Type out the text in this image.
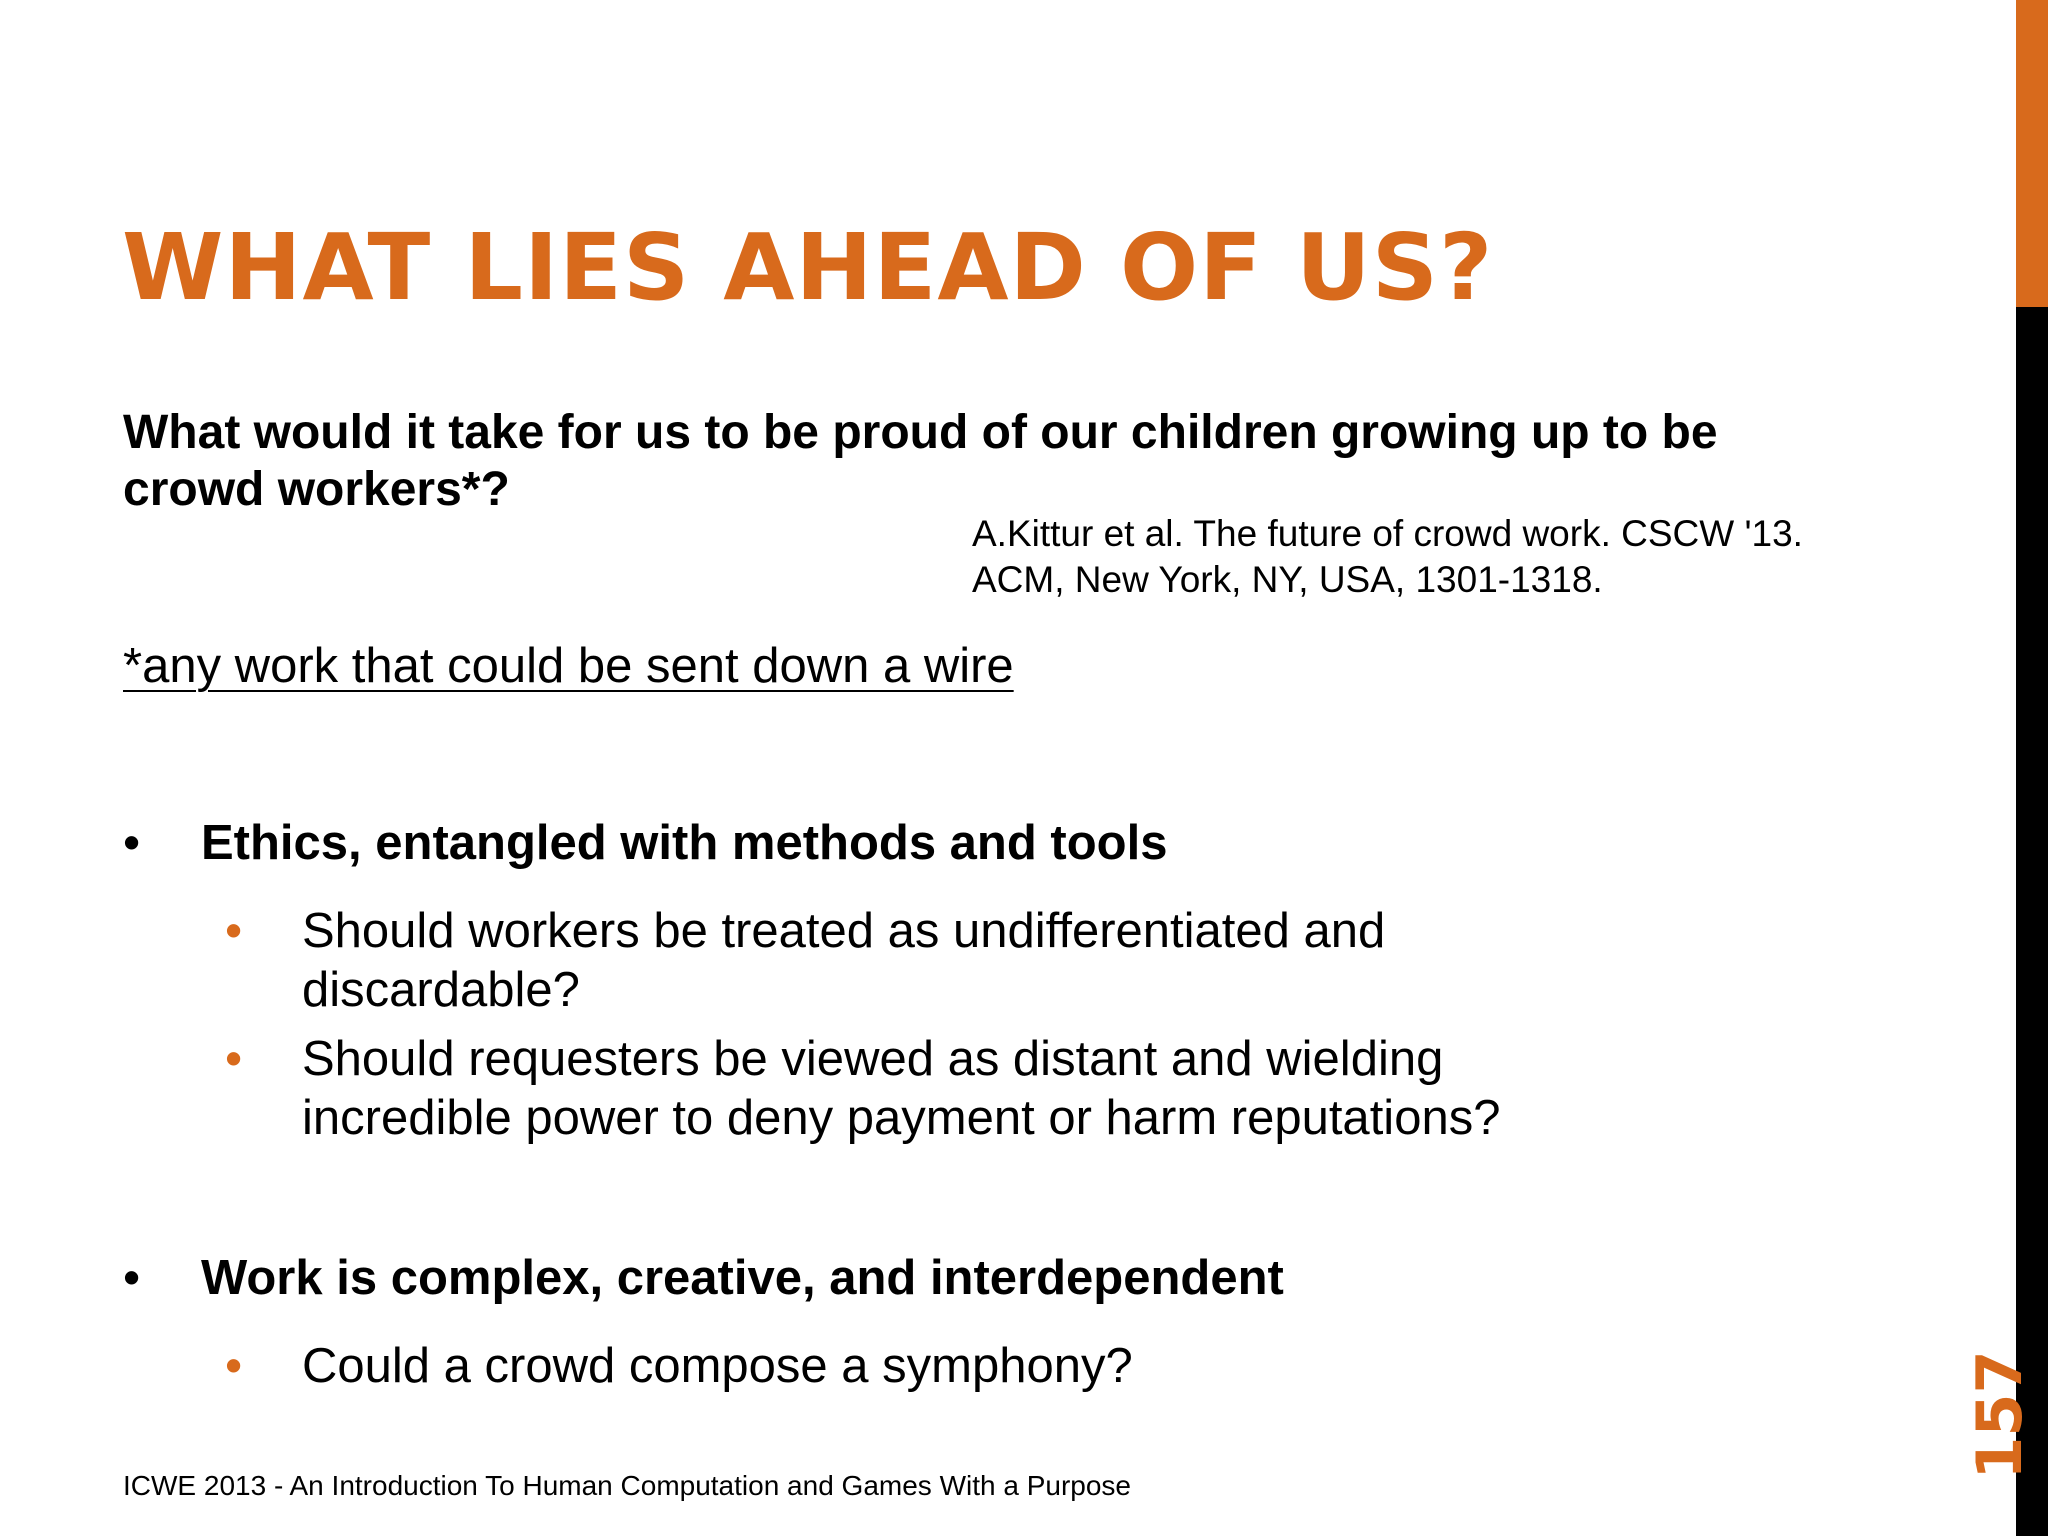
WHAT LIES AHEAD OF US?

What would it take for us to be proud of our children growing up to be crowd workers*?

A.Kittur et al. The future of crowd work. CSCW '13.
ACM, New York, NY, USA, 1301-1318.
*any work that could be sent down a wire
• Ethics, entangled with methods and tools
• Should workers be treated as undifferentiated and
discardable?
• Should requesters be viewed as distant and wielding
incredible power to deny payment or harm reputations?
• Work is complex, creative, and interdependent
• Could a crowd compose a symphony?
ICWE 2013 - An Introduction To Human Computation and Games With a Purpose
157
